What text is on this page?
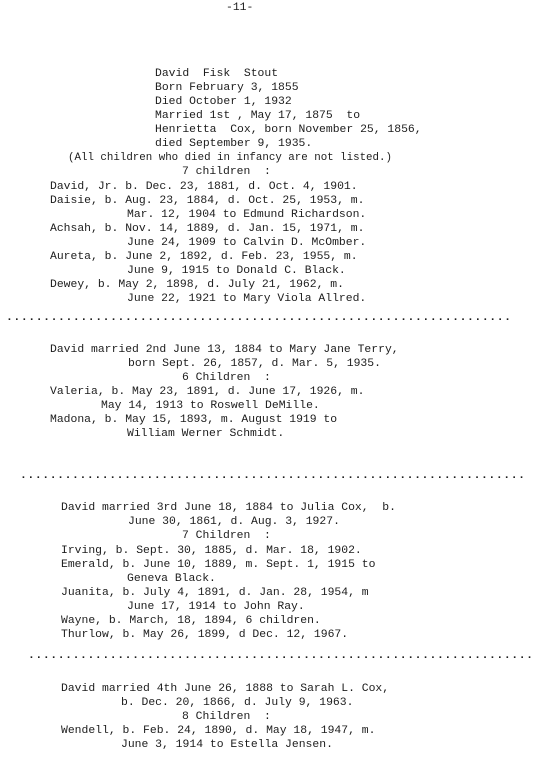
-11-
David  Fisk  Stout
Born February 3, 1855
Died October 1, 1932
Married 1st , May 17, 1875  to
Henrietta  Cox, born November 25, 1856,
died September 9, 1935.
(All children who died in infancy are not listed.)
7 children  :
David, Jr. b. Dec. 23, 1881, d. Oct. 4, 1901.
Daisie, b. Aug. 23, 1884, d. Oct. 25, 1953, m.
Mar. 12, 1904 to Edmund Richardson.
Achsah, b. Nov. 14, 1889, d. Jan. 15, 1971, m.
June 24, 1909 to Calvin D. McOmber.
Aureta, b. June 2, 1892, d. Feb. 23, 1955, m.
June 9, 1915 to Donald C. Black.
Dewey, b. May 2, 1898, d. July 21, 1962, m.
June 22, 1921 to Mary Viola Allred.
....................................................................
David married 2nd June 13, 1884 to Mary Jane Terry,
born Sept. 26, 1857, d. Mar. 5, 1935.
6 Children  :
Valeria, b. May 23, 1891, d. June 17, 1926, m.
May 14, 1913 to Roswell DeMille.
Madona, b. May 15, 1893, m. August 1919 to
William Werner Schmidt.
....................................................................
David married 3rd June 18, 1884 to Julia Cox,  b.
June 30, 1861, d. Aug. 3, 1927.
7 Children  :
Irving, b. Sept. 30, 1885, d. Mar. 18, 1902.
Emerald, b. June 10, 1889, m. Sept. 1, 1915 to
Geneva Black.
Juanita, b. July 4, 1891, d. Jan. 28, 1954, m
June 17, 1914 to John Ray.
Wayne, b. March, 18, 1894, 6 children.
Thurlow, b. May 26, 1899, d Dec. 12, 1967.
....................................................................
David married 4th June 26, 1888 to Sarah L. Cox,
b. Dec. 20, 1866, d. July 9, 1963.
8 Children  :
Wendell, b. Feb. 24, 1890, d. May 18, 1947, m.
June 3, 1914 to Estella Jensen.
